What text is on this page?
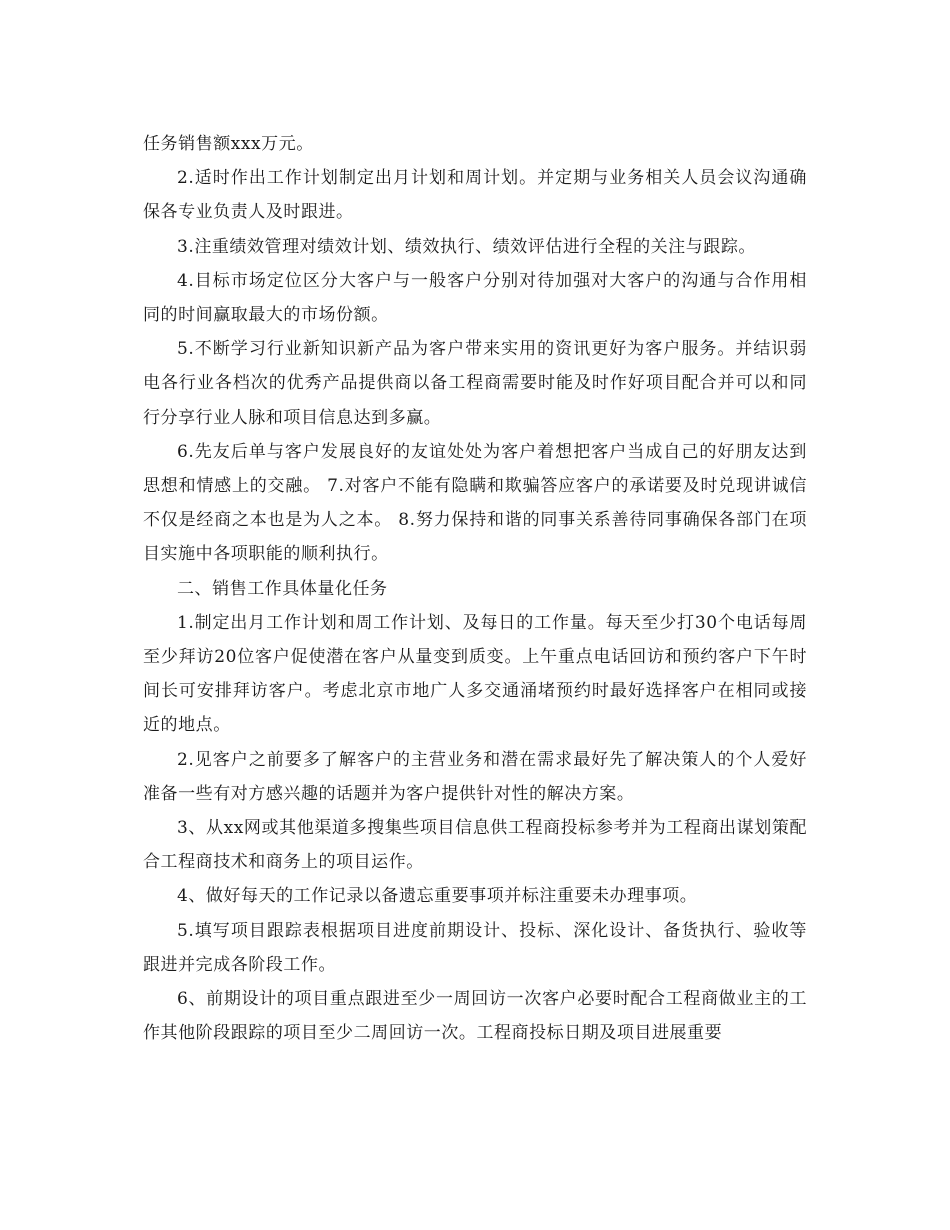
任务销售额xxx万元。

2.适时作出工作计划制定出月计划和周计划。并定期与业务相关人员会议沟通确保各专业负责人及时跟进。

3.注重绩效管理对绩效计划、绩效执行、绩效评估进行全程的关注与跟踪。

4.目标市场定位区分大客户与一般客户分别对待加强对大客户的沟通与合作用相同的时间赢取最大的市场份额。

5.不断学习行业新知识新产品为客户带来实用的资讯更好为客户服务。并结识弱电各行业各档次的优秀产品提供商以备工程商需要时能及时作好项目配合并可以和同行分享行业人脉和项目信息达到多赢。

6.先友后单与客户发展良好的友谊处处为客户着想把客户当成自己的好朋友达到思想和情感上的交融。 7.对客户不能有隐瞒和欺骗答应客户的承诺要及时兑现讲诚信不仅是经商之本也是为人之本。 8.努力保持和谐的同事关系善待同事确保各部门在项目实施中各项职能的顺利执行。

二、销售工作具体量化任务

1.制定出月工作计划和周工作计划、及每日的工作量。每天至少打30个电话每周至少拜访20位客户促使潜在客户从量变到质变。上午重点电话回访和预约客户下午时间长可安排拜访客户。考虑北京市地广人多交通涌堵预约时最好选择客户在相同或接近的地点。

2.见客户之前要多了解客户的主营业务和潜在需求最好先了解决策人的个人爱好准备一些有对方感兴趣的话题并为客户提供针对性的解决方案。

3、从xx网或其他渠道多搜集些项目信息供工程商投标参考并为工程商出谋划策配合工程商技术和商务上的项目运作。

4、做好每天的工作记录以备遗忘重要事项并标注重要未办理事项。

5.填写项目跟踪表根据项目进度前期设计、投标、深化设计、备货执行、验收等跟进并完成各阶段工作。

6、前期设计的项目重点跟进至少一周回访一次客户必要时配合工程商做业主的工作其他阶段跟踪的项目至少二周回访一次。工程商投标日期及项目进展重要
